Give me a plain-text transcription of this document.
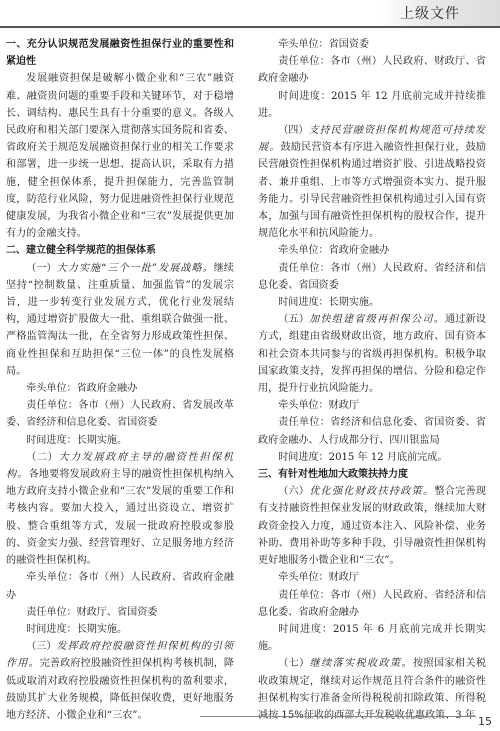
上级文件
一、充分认识规范发展融资性担保行业的重要性和紧迫性
发展融资担保是破解小微企业和“三农”融资难、融资贵问题的重要手段和关键环节，对于稳增长、调结构、惠民生具有十分重要的意义。各级人民政府和相关部门要深入贯彻落实国务院和省委、省政府关于规范发展融资担保行业的相关工作要求和部署，进一步统一思想、提高认识，采取有力措施，健全担保体系，提升担保能力，完善监管制度，防范行业风险，努力促进融资性担保行业规范健康发展，为我省小微企业和“三农”发展提供更加有力的金融支持。
二、建立健全科学规范的担保体系
（一）大力实施“三个一批”发展战略。继续坚持“控制数量、注重质量、加强监管”的发展宗旨，进一步转变行业发展方式，优化行业发展结构，通过增资扩股做大一批、重组联合做强一批、严格监管淘汰一批，在全省努力形成政策性担保、商业性担保和互助担保“三位一体”的良性发展格局。
牵头单位：省政府金融办
责任单位：各市（州）人民政府、省发展改革委、省经济和信息化委、省国资委
时间进度：长期实施。
（二）大力发展政府主导的融资性担保机构。各地要将发展政府主导的融资性担保机构纳入地方政府支持小微企业和“三农”发展的重要工作和考核内容。要加大投入，通过出资设立、增资扩股、整合重组等方式，发展一批政府控股或参股的、资金实力强、经营管理好、立足服务地方经济的融资性担保机构。
牵头单位：各市（州）人民政府、省政府金融办
责任单位：财政厅、省国资委
时间进度：长期实施。
（三）发挥政府控股融资性担保机构的引领作用。完善政府控股融资性担保机构考核机制，降低或取消对政府控股融资性担保机构的盈利要求，鼓励其扩大业务规模，降低担保收费，更好地服务地方经济、小微企业和“三农”。
牵头单位：省国资委
责任单位：各市（州）人民政府、财政厅、省政府金融办
时间进度：2015 年 12 月底前完成并持续推进。
（四）支持民营融资担保机构规范可持续发展。鼓励民营资本有序进入融资性担保行业，鼓励民营融资性担保机构通过增资扩股、引进战略投资者、兼并重组、上市等方式增强资本实力、提升服务能力。引导民营融资性担保机构通过引入国有资本，加强与国有融资性担保机构的股权合作，提升规范化水平和抗风险能力。
牵头单位：省政府金融办
责任单位：各市（州）人民政府、省经济和信息化委、省国资委
时间进度：长期实施。
（五）加快组建省级再担保公司。通过新设方式，组建由省级财政出资，地方政府、国有资本和社会资本共同参与的省级再担保机构。积极争取国家政策支持，发挥再担保的增信、分险和稳定作用，提升行业抗风险能力。
牵头单位：财政厅
责任单位：省经济和信息化委、省国资委、省政府金融办、人行成都分行、四川银监局
时间进度：2015 年 12 月底前完成。
三、有针对性地加大政策扶持力度
（六）优化强化财政扶持政策。整合完善现有支持融资性担保业发展的财政政策，继续加大财政资金投入力度，通过资本注入、风险补偿、业务补助、费用补助等多种手段，引导融资性担保机构更好地服务小微企业和“三农”。
牵头单位：财政厅
责任单位：各市（州）人民政府、省经济和信息化委、省政府金融办
时间进度：2015 年 6 月底前完成并长期实施。
（七）继续落实税收政策。按照国家相关税收政策规定，继续对运作规范且符合条件的融资性担保机构实行准备金所得税税前扣除政策、所得税
15
